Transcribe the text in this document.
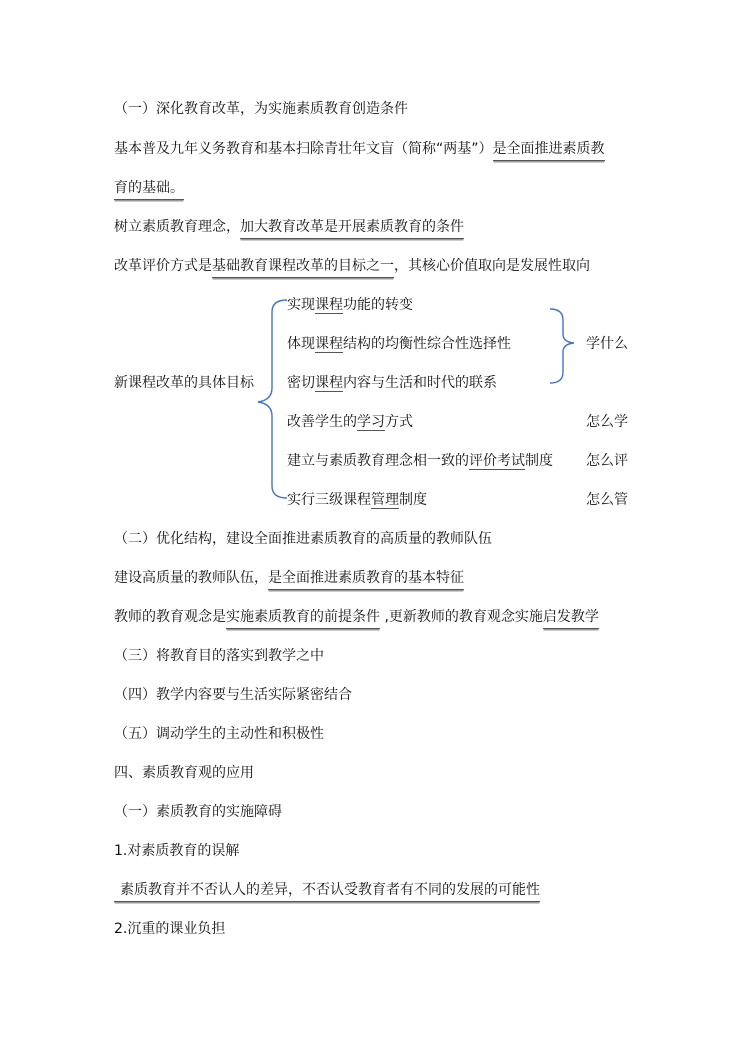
（一）深化教育改革，为实施素质教育创造条件
基本普及九年义务教育和基本扫除青壮年文盲（简称“两基”）是全面推进素质教
育的基础。
树立素质教育理念，加大教育改革是开展素质教育的条件
改革评价方式是基础教育课程改革的目标之一，其核心价值取向是发展性取向
新课程改革的具体目标
实现课程功能的转变
体现课程结构的均衡性综合性选择性
密切课程内容与生活和时代的联系
改善学生的学习方式
建立与素质教育理念相一致的评价考试制度
实行三级课程管理制度
学什么
怎么学
怎么评
怎么管
（二）优化结构，建设全面推进素质教育的高质量的教师队伍
建设高质量的教师队伍，是全面推进素质教育的基本特征
教师的教育观念是实施素质教育的前提条件 ,更新教师的教育观念实施启发教学
（三）将教育目的落实到教学之中
（四）教学内容要与生活实际紧密结合
（五）调动学生的主动性和积极性
四、素质教育观的应用
（一）素质教育的实施障碍
1.对素质教育的误解
素质教育并不否认人的差异，不否认受教育者有不同的发展的可能性
2.沉重的课业负担
